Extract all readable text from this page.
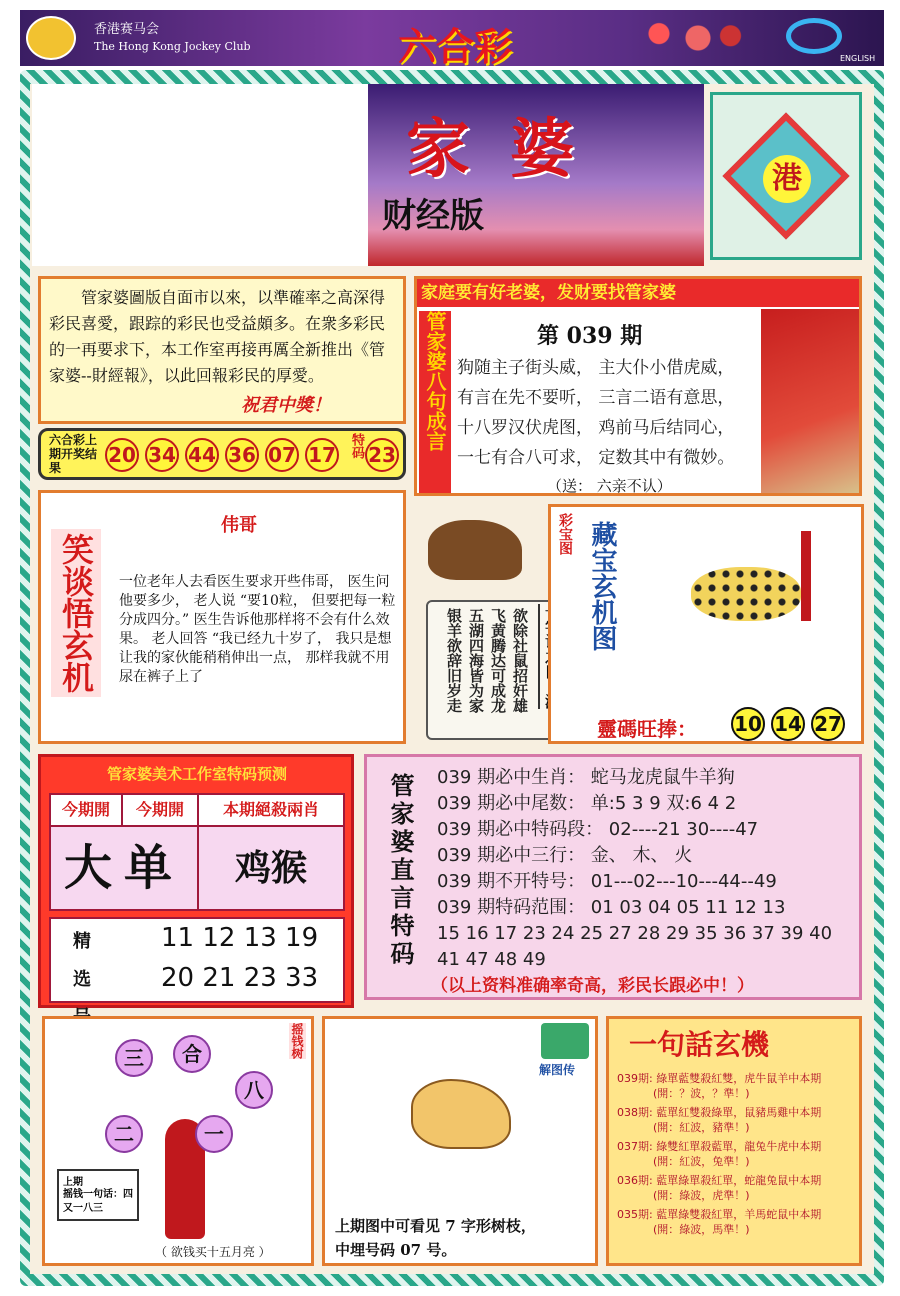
香港赛马会
The Hong Kong Jockey Club	六合彩	ENGLISH
家婆
财经版
港
管家婆圖版自面市以來，以準確率之高深得彩民喜愛，跟踪的彩民也受益頗多。在衆多彩民的一再要求下，本工作室再接再厲全新推出《管家婆--財經報》，以此回報彩民的厚愛。
祝君中獎！
六合彩上期开奖结果
20 34 44 36 07 17 特码 23
家庭要有好老婆，发财要找管家婆
管家婆八句成言	第 039 期
狗随主子街头威， 主大仆小借虎威，
有言在先不要听， 三言二语有意思，
十八罗汉伏虎图， 鸡前马后结同心，
一七有合八可求， 定数其中有微妙。
（送： 六亲不认）
笑谈悟玄机
伟哥
一位老年人去看医生要求开些伟哥， 医生问他要多少， 老人说 “要10粒， 但要把每一粒分成四分。” 医生告诉他那样将不会有什么效果。 老人回答 “我已经九十岁了， 我只是想让我的家伙能稍稍伸出一点， 那样我就不用尿在裤子上了	欲除社鼠招奸雄
飞黄腾达可成龙
五湖四海皆为家
银羊欲辞旧岁走
彩宝图 藏宝玄机图
靈碼旺捧： 10 14 27
管家婆美术工作室特码预测
今期開	今期開	本期絕殺兩肖
大单	鸡猴
精选
11 12 13 19
20 21 23 33
管家婆直言特码 039 期必中生肖： 蛇马龙虎鼠牛羊狗
039 期必中尾数： 单:5 3 9 双:6 4 2
039 期必中特码段： 02----21 30----47
039 期必中三行： 金、 木、 火
039 期不开特号： 01---02---10---44--49
039 期特码范围： 01 03 04 05 11 12 13
15 16 17 23 24 25 27 28 29 35 36 37 39 40
41 47 48 49
（以上资料准确率奇高，彩民长跟必中！）
摇钱树
三	合
八
二	一
上期
摇钱一句话：四又一八三
（ 欲钱买十五月亮 ）
解图传
上期图中可看见 7 字形树枝，
中埋号码 07 号。
一句話玄機
039期: 綠單藍雙殺紅雙，虎牛鼠羊中本期
(開：？波，？準！)
038期: 藍單紅雙殺綠單，鼠豬馬雞中本期
(開：紅波，豬準！)
037期: 綠雙紅單殺藍單，龍兔牛虎中本期
(開：紅波，兔準！)
036期: 藍單綠單殺紅單，蛇龍兔鼠中本期
(開：綠波，虎準！)
035期: 藍單綠雙殺紅單，羊馬蛇鼠中本期
(開：綠波，馬準！)
